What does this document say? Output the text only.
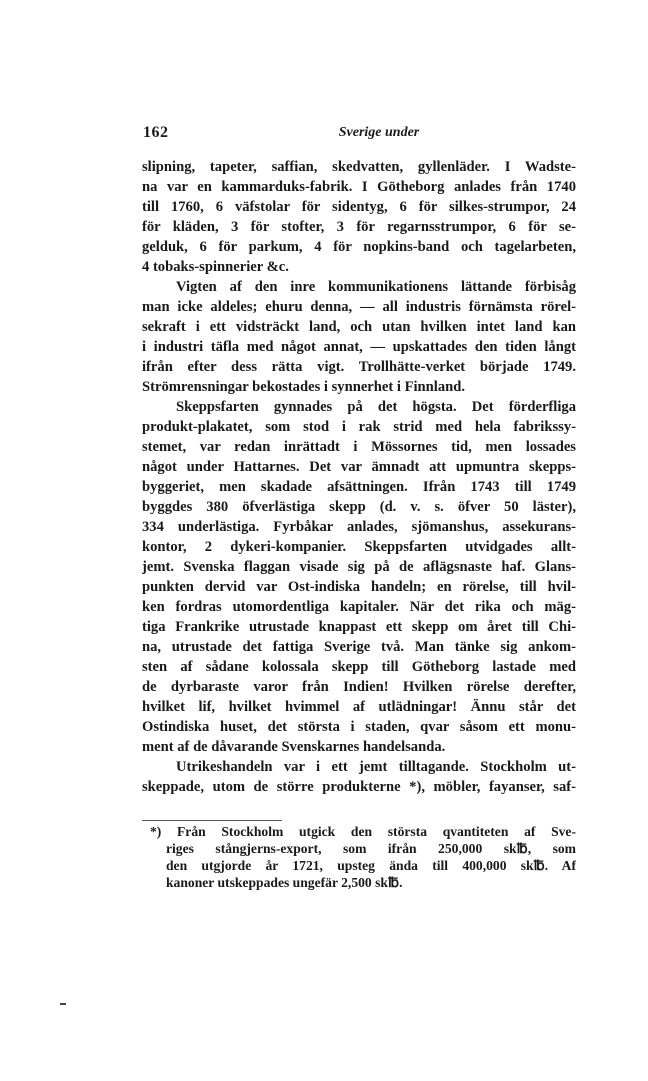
162	Sverige under
slipning, tapeter, saffian, skedvatten, gyllenläder. I Wadste-
na var en kammarduks-fabrik. I Götheborg anlades från 1740
till 1760, 6 väfstolar för sidentyg, 6 för silkes-strumpor, 24
för kläden, 3 för stofter, 3 för regarnsstrumpor, 6 för se-
gelduk, 6 för parkum, 4 för nopkins-band och tagelarbeten,
4 tobaks-spinnerier &c.
Vigten af den inre kommunikationens lättande förbisåg
man icke aldeles; ehuru denna, — all industris förnämsta rörel-
sekraft i ett vidsträckt land, och utan hvilken intet land kan
i industri täfla med något annat, — upskattades den tiden långt
ifrån efter dess rätta vigt. Trollhätte-verket började 1749.
Strömrensningar bekostades i synnerhet i Finnland.
Skeppsfarten gynnades på det högsta. Det förderfliga
produkt-plakatet, som stod i rak strid med hela fabrikssy-
stemet, var redan inrättadt i Mössornes tid, men lossades
något under Hattarnes. Det var ämnadt att upmuntra skepps-
byggeriet, men skadade afsättningen. Ifrån 1743 till 1749
byggdes 380 öfverlästiga skepp (d. v. s. öfver 50 läster),
334 underlästiga. Fyrbåkar anlades, sjömanshus, assekurans-
kontor, 2 dykeri-kompanier. Skeppsfarten utvidgades allt-
jemt. Svenska flaggan visade sig på de afläg​snaste haf. Glans-
punkten dervid var Ost-indiska handeln; en rörelse, till hvil-
ken fordras utomordentliga kapitaler. När det rika och mäg-
tiga Frankrike utrustade knappast ett skepp om året till Chi-
na, utrustade det fattiga Sverige två. Man tänke sig ankom-
sten af sådane kolossala skepp till Götheborg lastade med
de dyrbaraste varor från Indien! Hvilken rörelse derefter,
hvilket lif, hvilket hvimmel af utlädningar! Ännu står det
Ostindiska huset, det största i staden, qvar såsom ett monu-
ment af de dåvarande Svenskarnes handelsanda.
Utrikeshandeln var i ett jemt tilltagande. Stockholm ut-
skeppade, utom de större produkterne *), möbler, fayanser, saf-
*) Från Stockholm utgick den största qvantiteten af Sve-
riges stångjerns-export, som ifrån 250,000 sk℔, som
den utgjorde år 1721, upsteg ända till 400,000 sk℔. Af
kanoner utskeppades ungefär 2,500 sk℔.
